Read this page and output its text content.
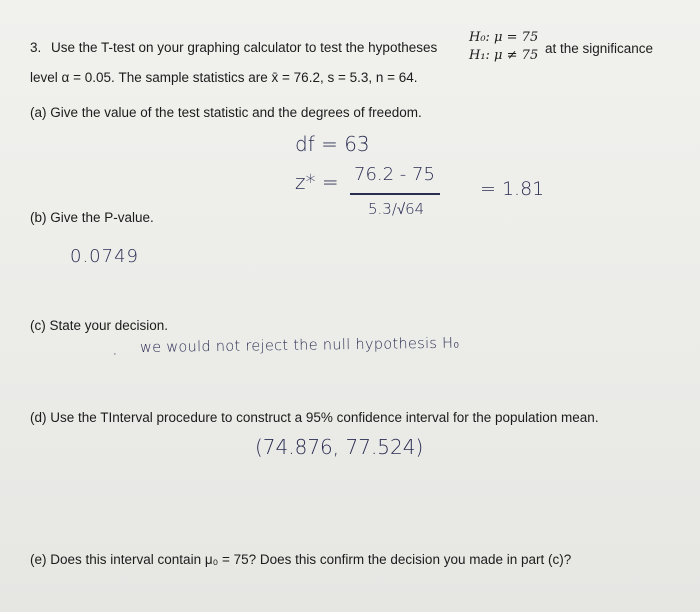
3. Use the T-test on your graphing calculator to test the hypotheses
H₀: μ = 75
H₁: μ ≠ 75 at the significance
level α = 0.05. The sample statistics are x̄ = 76.2, s = 5.3, n = 64.
(a) Give the value of the test statistic and the degrees of freedom.
df = 63
z* = 76.2 - 75
5.3/√64
= 1.81
(b) Give the P-value.
0.0749
(c) State your decision.
· we would not reject the null hypothesis H₀
(d) Use the TInterval procedure to construct a 95% confidence interval for the population mean.
(74.876, 77.524)
(e) Does this interval contain μ₀ = 75? Does this confirm the decision you made in part (c)?
